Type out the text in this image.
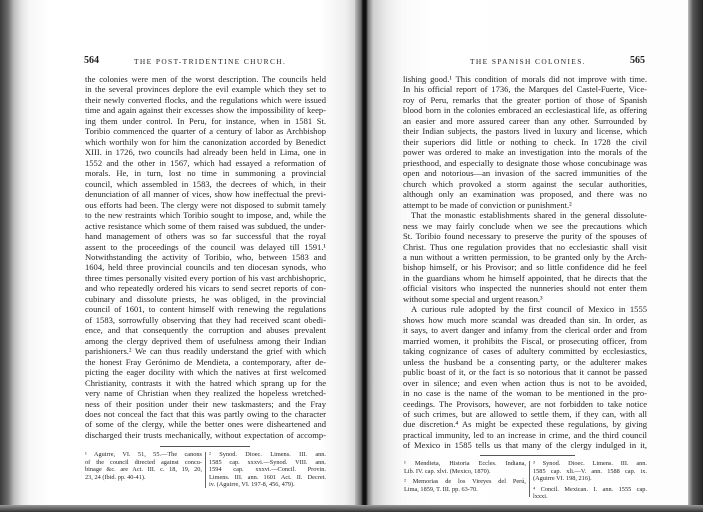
564	THE POST-TRIDENTINE CHURCH.	THE SPANISH COLONIES.	565
the colonies were men of the worst description. The councils held
in the several provinces deplore the evil example which they set to
their newly converted flocks, and the regulations which were issued
time and again against their excesses show the impossibility of keep-
ing them under control. In Peru, for instance, when in 1581 St.
Toribio commenced the quarter of a century of labor as Archbishop
which worthily won for him the canonization accorded by Benedict
XIII. in 1726, two councils had already been held in Lima, one in
1552 and the other in 1567, which had essayed a reformation of
morals. He, in turn, lost no time in summoning a provincial
council, which assembled in 1583, the decrees of which, in their
denunciation of all manner of vices, show how ineffectual the previ-
ous efforts had been. The clergy were not disposed to submit tamely
to the new restraints which Toribio sought to impose, and, while the
active resistance which some of them raised was subdued, the under-
hand management of others was so far successful that the royal
assent to the proceedings of the council was delayed till 1591.¹
Notwithstanding the activity of Toribio, who, between 1583 and
1604, held three provincial councils and ten diocesan synods, who
three times personally visited every portion of his vast archbishopric,
and who repeatedly ordered his vicars to send secret reports of con-
cubinary and dissolute priests, he was obliged, in the provincial
council of 1601, to content himself with renewing the regulations
of 1583, sorrowfully observing that they had received scant obedi-
ence, and that consequently the corruption and abuses prevalent
among the clergy deprived them of usefulness among their Indian
parishioners.² We can thus readily understand the grief with which
the honest Fray Gerónimo de Mendieta, a contemporary, after de-
picting the eager docility with which the natives at first welcomed
Christianity, contrasts it with the hatred which sprang up for the
very name of Christian when they realized the hopeless wretched-
ness of their position under their new taskmasters; and the Fray
does not conceal the fact that this was partly owing to the character
of some of the clergy, while the better ones were disheartened and
discharged their trusts mechanically, without expectation of accomp-
lishing good.¹ This condition of morals did not improve with time.
In his official report of 1736, the Marques del Castel-Fuerte, Vice-
roy of Peru, remarks that the greater portion of those of Spanish
blood born in the colonies embraced an ecclesiastical life, as offering
an easier and more assured career than any other. Surrounded by
their Indian subjects, the pastors lived in luxury and license, which
their superiors did little or nothing to check. In 1728 the civil
power was ordered to make an investigation into the morals of the
priesthood, and especially to designate those whose concubinage was
open and notorious—an invasion of the sacred immunities of the
church which provoked a storm against the secular authorities,
although only an examination was proposed, and there was no
attempt to be made of conviction or punishment.²
That the monastic establishments shared in the general dissolute-
ness we may fairly conclude when we see the precautions which
St. Toribio found necessary to preserve the purity of the spouses of
Christ. Thus one regulation provides that no ecclesiastic shall visit
a nun without a written permission, to be granted only by the Arch-
bishop himself, or his Provisor; and so little confidence did he feel
in the guardians whom he himself appointed, that he directs that the
official visitors who inspected the nunneries should not enter them
without some special and urgent reason.³
A curious rule adopted by the first council of Mexico in 1555
shows how much more scandal was dreaded than sin. In order, as
it says, to avert danger and infamy from the clerical order and from
married women, it prohibits the Fiscal, or prosecuting officer, from
taking cognizance of cases of adultery committed by ecclesiastics,
unless the husband be a consenting party, or the adulterer makes
public boast of it, or the fact is so notorious that it cannot be passed
over in silence; and even when action thus is not to be avoided,
in no case is the name of the woman to be mentioned in the pro-
ceedings. The Provisors, however, are not forbidden to take notice
of such crimes, but are allowed to settle them, if they can, with all
due discretion.⁴ As might be expected these regulations, by giving
practical immunity, led to an increase in crime, and the third council
of Mexico in 1585 tells us that many of the clergy indulged in it,
¹ Aguirre, VI. 51, 55.—The canons
of the council directed against concu-
binage &c. are Act. III. c. 18, 19, 20,
23, 24 (Ibid. pp. 40-41).
² Synod. Dioec. Limens. III. ann.
1585 cap. xxxvi.—Synod. VIII. ann.
1594 cap. xxxvi.—Concil. Provin.
Limens. III. ann. 1601 Act. II. Decret.
iv. (Aguirre, VI. 197-8, 456, 479).
¹ Mendieta, Historia Eccles. Indiana,
Lib. IV. cap. xlvi. (Mexico, 1870).
² Memorias de los Vireyes del Perú,
Lima, 1859, T. III. pp. 63-70.
³ Synod. Dioec. Limens. III. ann.
1585 cap. xli.—V. ann. 1588 cap. ix.
(Aguirre VI. 198, 216).
⁴ Concil. Mexican. I. ann. 1555 cap.
lxxxi.
